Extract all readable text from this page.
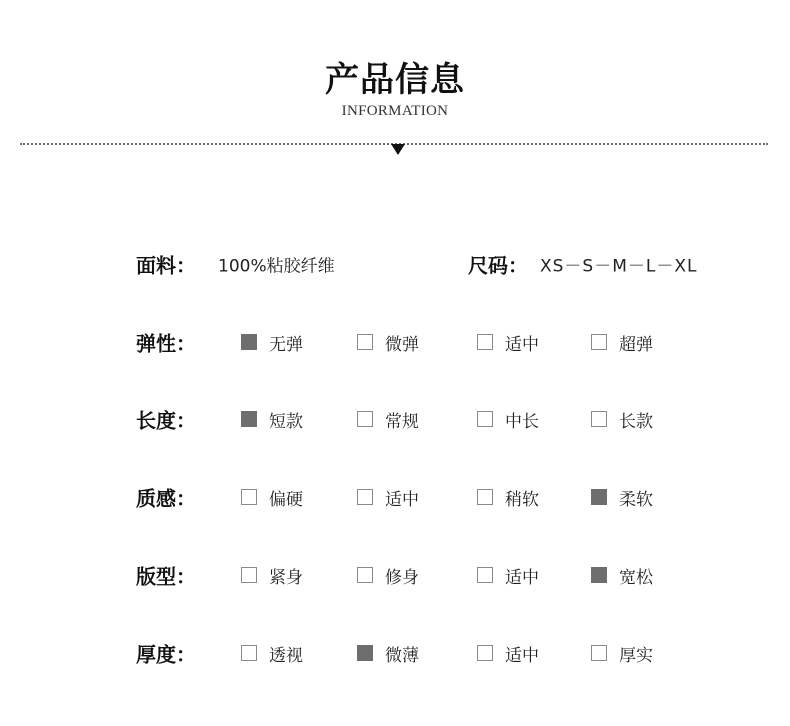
产品信息
INFORMATION
面料： 100%粘胶纤维	尺码： XS－S－M－L－XL
弹性：	无弹	微弹	适中	超弹
长度：	短款	常规	中长	长款
质感：	偏硬	适中	稍软	柔软
版型：	紧身	修身	适中	宽松
厚度：	透视	微薄	适中	厚实
